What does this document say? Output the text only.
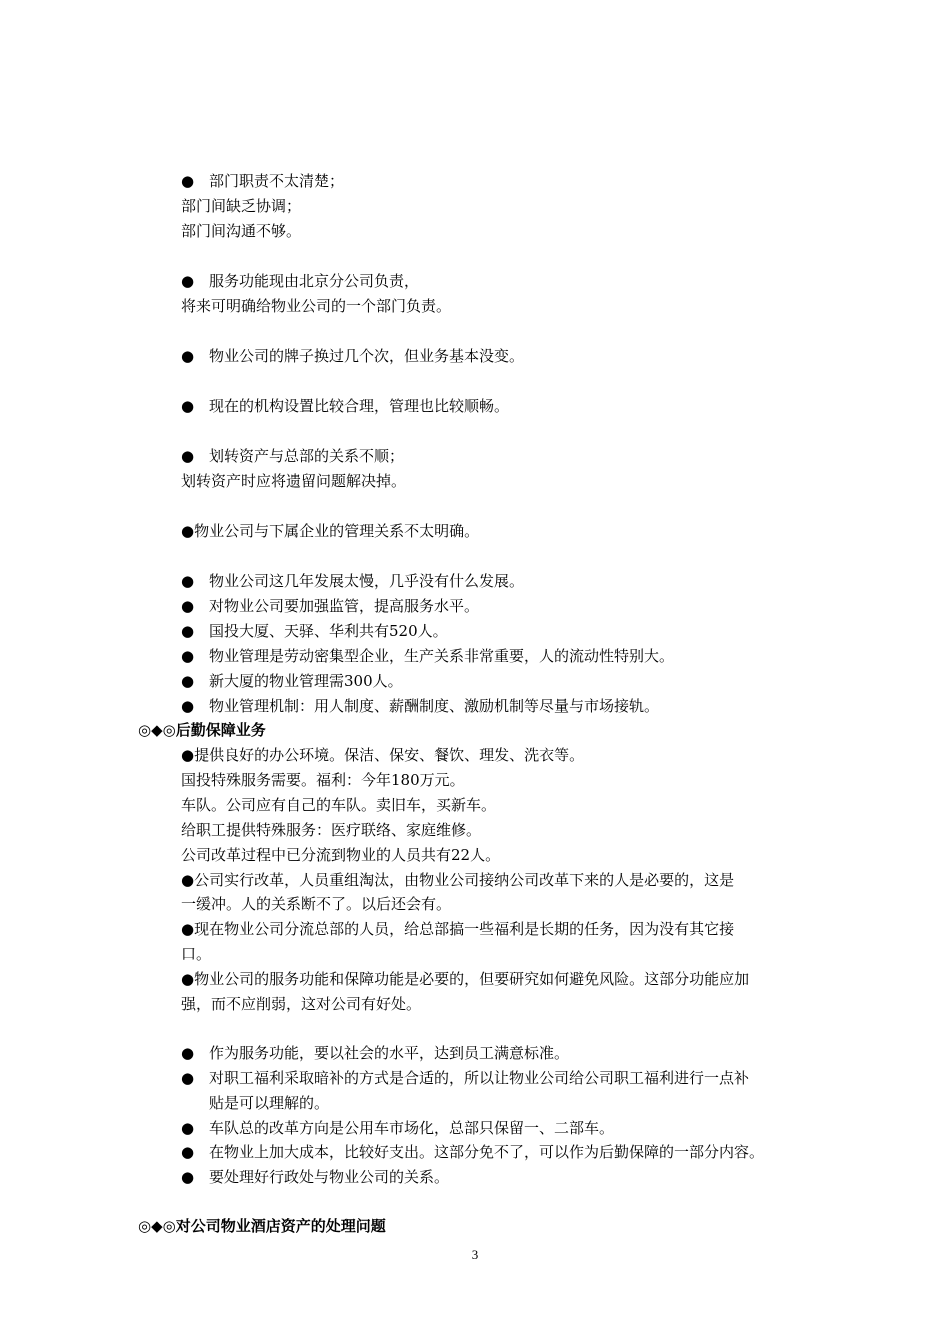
● 部门职责不太清楚；
部门间缺乏协调；
部门间沟通不够。
● 服务功能现由北京分公司负责，
将来可明确给物业公司的一个部门负责。
● 物业公司的牌子换过几个次，但业务基本没变。
● 现在的机构设置比较合理，管理也比较顺畅。
● 划转资产与总部的关系不顺；
划转资产时应将遗留问题解决掉。
●物业公司与下属企业的管理关系不太明确。
● 物业公司这几年发展太慢，几乎没有什么发展。
● 对物业公司要加强监管，提高服务水平。
● 国投大厦、天驿、华利共有520人。
● 物业管理是劳动密集型企业，生产关系非常重要，人的流动性特别大。
● 新大厦的物业管理需300人。
● 物业管理机制：用人制度、薪酬制度、激励机制等尽量与市场接轨。
◎◆◎后勤保障业务
●提供良好的办公环境。保洁、保安、餐饮、理发、洗衣等。
国投特殊服务需要。福利：今年180万元。
车队。公司应有自己的车队。卖旧车，买新车。
给职工提供特殊服务：医疗联络、家庭维修。
公司改革过程中已分流到物业的人员共有22人。
●公司实行改革，人员重组淘汰，由物业公司接纳公司改革下来的人是必要的，这是
一缓冲。人的关系断不了。以后还会有。
●现在物业公司分流总部的人员，给总部搞一些福利是长期的任务，因为没有其它接
口。
●物业公司的服务功能和保障功能是必要的，但要研究如何避免风险。这部分功能应加
强，而不应削弱，这对公司有好处。
● 作为服务功能，要以社会的水平，达到员工满意标准。
● 对职工福利采取暗补的方式是合适的，所以让物业公司给公司职工福利进行一点补
贴是可以理解的。
● 车队总的改革方向是公用车市场化，总部只保留一、二部车。
● 在物业上加大成本，比较好支出。这部分免不了，可以作为后勤保障的一部分内容。
● 要处理好行政处与物业公司的关系。
◎◆◎对公司物业酒店资产的处理问题
3
